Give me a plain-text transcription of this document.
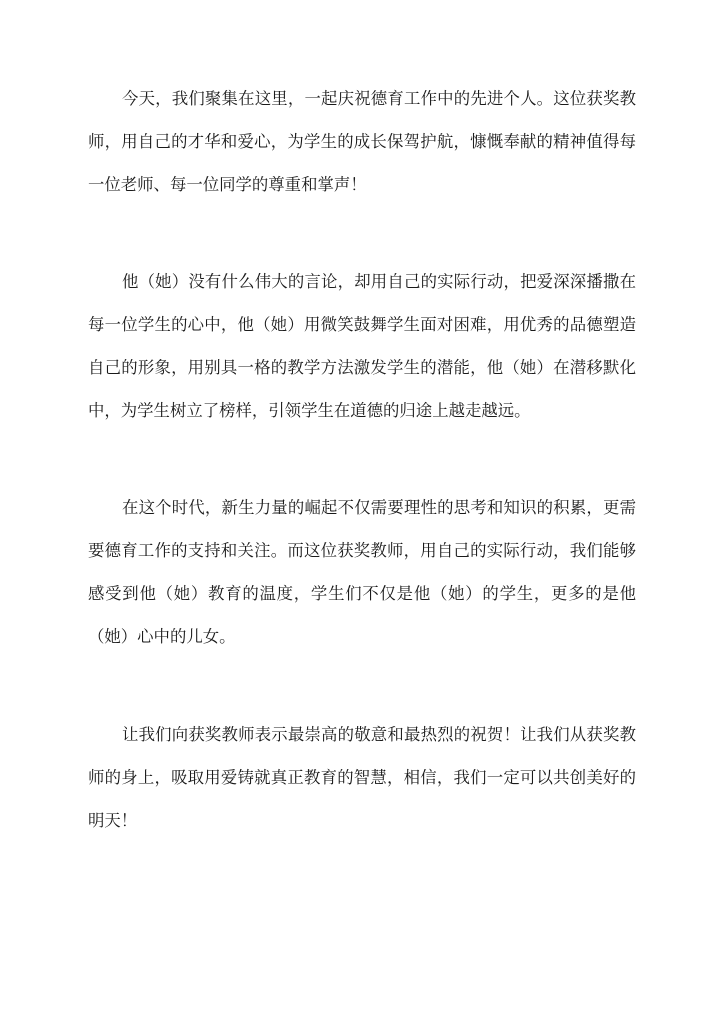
今天，我们聚集在这里，一起庆祝德育工作中的先进个人。这位获奖教师，用自己的才华和爱心，为学生的成长保驾护航，慷慨奉献的精神值得每一位老师、每一位同学的尊重和掌声！

他（她）没有什么伟大的言论，却用自己的实际行动，把爱深深播撒在每一位学生的心中，他（她）用微笑鼓舞学生面对困难，用优秀的品德塑造自己的形象，用别具一格的教学方法激发学生的潜能，他（她）在潜移默化中，为学生树立了榜样，引领学生在道德的归途上越走越远。

在这个时代，新生力量的崛起不仅需要理性的思考和知识的积累，更需要德育工作的支持和关注。而这位获奖教师，用自己的实际行动，我们能够感受到他（她）教育的温度，学生们不仅是他（她）的学生，更多的是他（她）心中的儿女。

让我们向获奖教师表示最崇高的敬意和最热烈的祝贺！让我们从获奖教师的身上，吸取用爱铸就真正教育的智慧，相信，我们一定可以共创美好的明天！
